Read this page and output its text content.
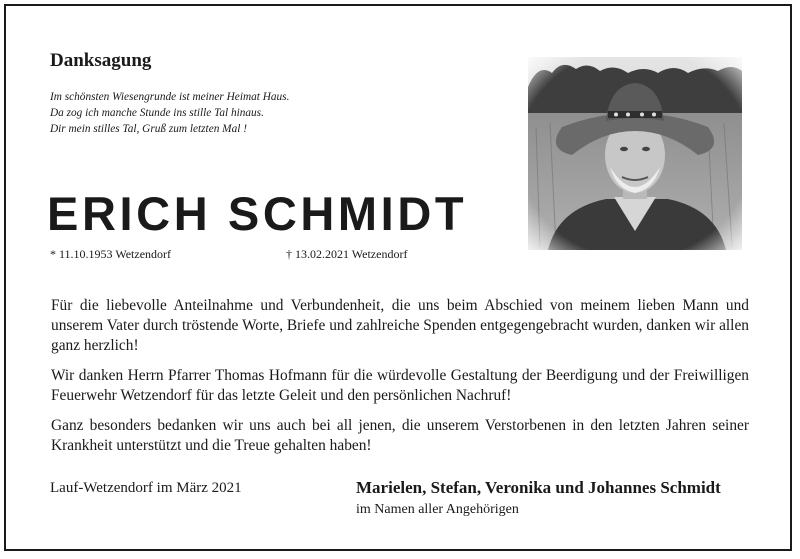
Danksagung
Im schönsten Wiesengrunde ist meiner Heimat Haus.
Da zog ich manche Stunde ins stille Tal hinaus.
Dir mein stilles Tal, Gruß zum letzten Mal !
ERICH SCHMIDT
* 11.10.1953 Wetzendorf	† 13.02.2021 Wetzendorf

Für die liebevolle Anteilnahme und Verbundenheit, die uns beim Abschied von meinem lieben Mann und unserem Vater durch tröstende Worte, Briefe und zahlreiche Spenden entgegengebracht wurden, danken wir allen ganz herzlich!

Wir danken Herrn Pfarrer Thomas Hofmann für die würdevolle Gestaltung der Beerdigung und der Freiwilligen Feuerwehr Wetzendorf für das letzte Geleit und den persönlichen Nachruf!

Ganz besonders bedanken wir uns auch bei all jenen, die unserem Verstorbenen in den letzten Jahren seiner Krankheit unterstützt und die Treue gehalten haben!

Lauf-Wetzendorf im März 2021	Marielen, Stefan, Veronika und Johannes Schmidt
im Namen aller Angehörigen
